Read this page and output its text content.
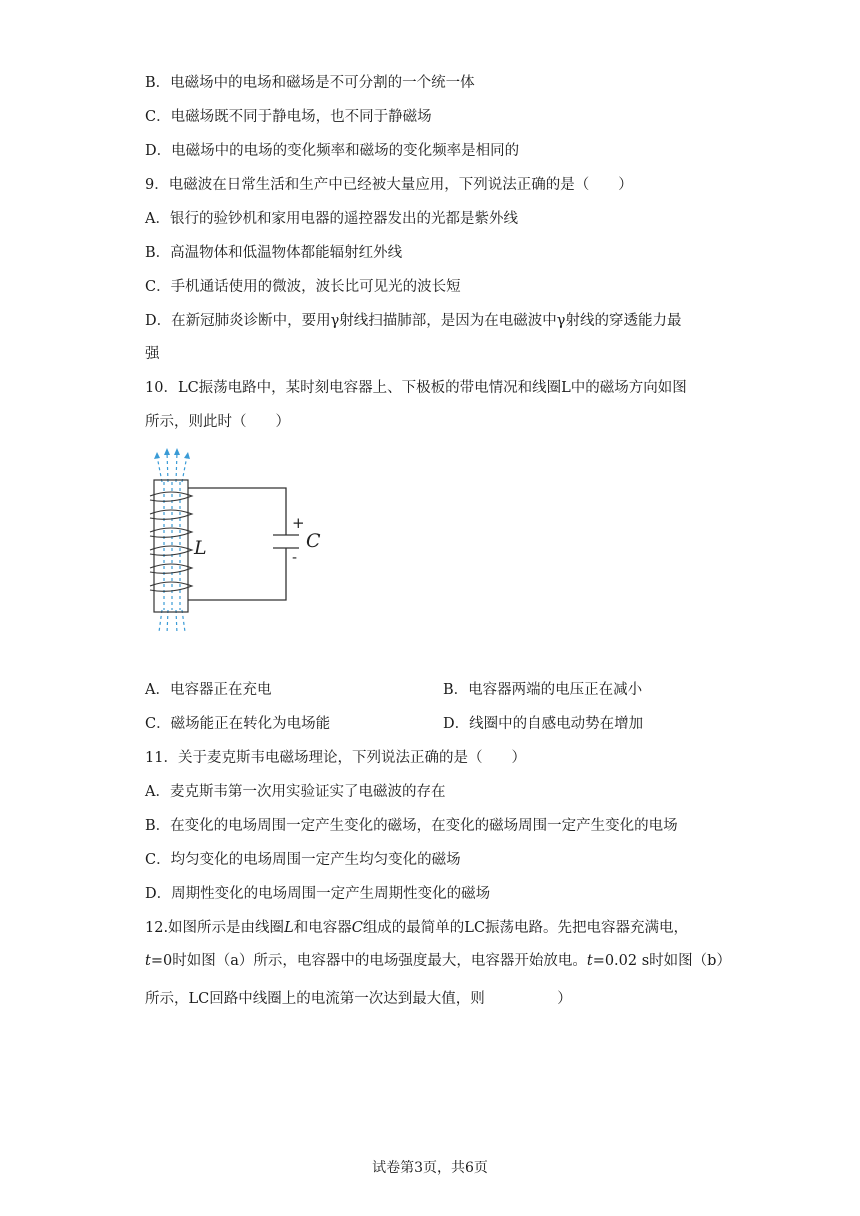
B．电磁场中的电场和磁场是不可分割的一个统一体
C．电磁场既不同于静电场，也不同于静磁场
D．电磁场中的电场的变化频率和磁场的变化频率是相同的
9．电磁波在日常生活和生产中已经被大量应用，下列说法正确的是（　　）
A．银行的验钞机和家用电器的遥控器发出的光都是紫外线
B．高温物体和低温物体都能辐射红外线
C．手机通话使用的微波，波长比可见光的波长短
D．在新冠肺炎诊断中，要用γ射线扫描肺部，是因为在电磁波中γ射线的穿透能力最
强
10．LC振荡电路中，某时刻电容器上、下极板的带电情况和线圈L中的磁场方向如图
所示，则此时（　　）
+
-
C
L
A．电容器正在充电	B．电容器两端的电压正在减小
C．磁场能正在转化为电场能	D．线圈中的自感电动势在增加
11．关于麦克斯韦电磁场理论，下列说法正确的是（　　）
A．麦克斯韦第一次用实验证实了电磁波的存在
B．在变化的电场周围一定产生变化的磁场，在变化的磁场周围一定产生变化的电场
C．均匀变化的电场周围一定产生均匀变化的磁场
D．周期性变化的电场周围一定产生周期性变化的磁场
12.如图所示是由线圈L和电容器C组成的最简单的LC振荡电路。先把电容器充满电，
t=0时如图（a）所示，电容器中的电场强度最大，电容器开始放电。t=0.02 s时如图（b）
所示，LC回路中线圈上的电流第一次达到最大值，则　　　　　）
试卷第3页，共6页
